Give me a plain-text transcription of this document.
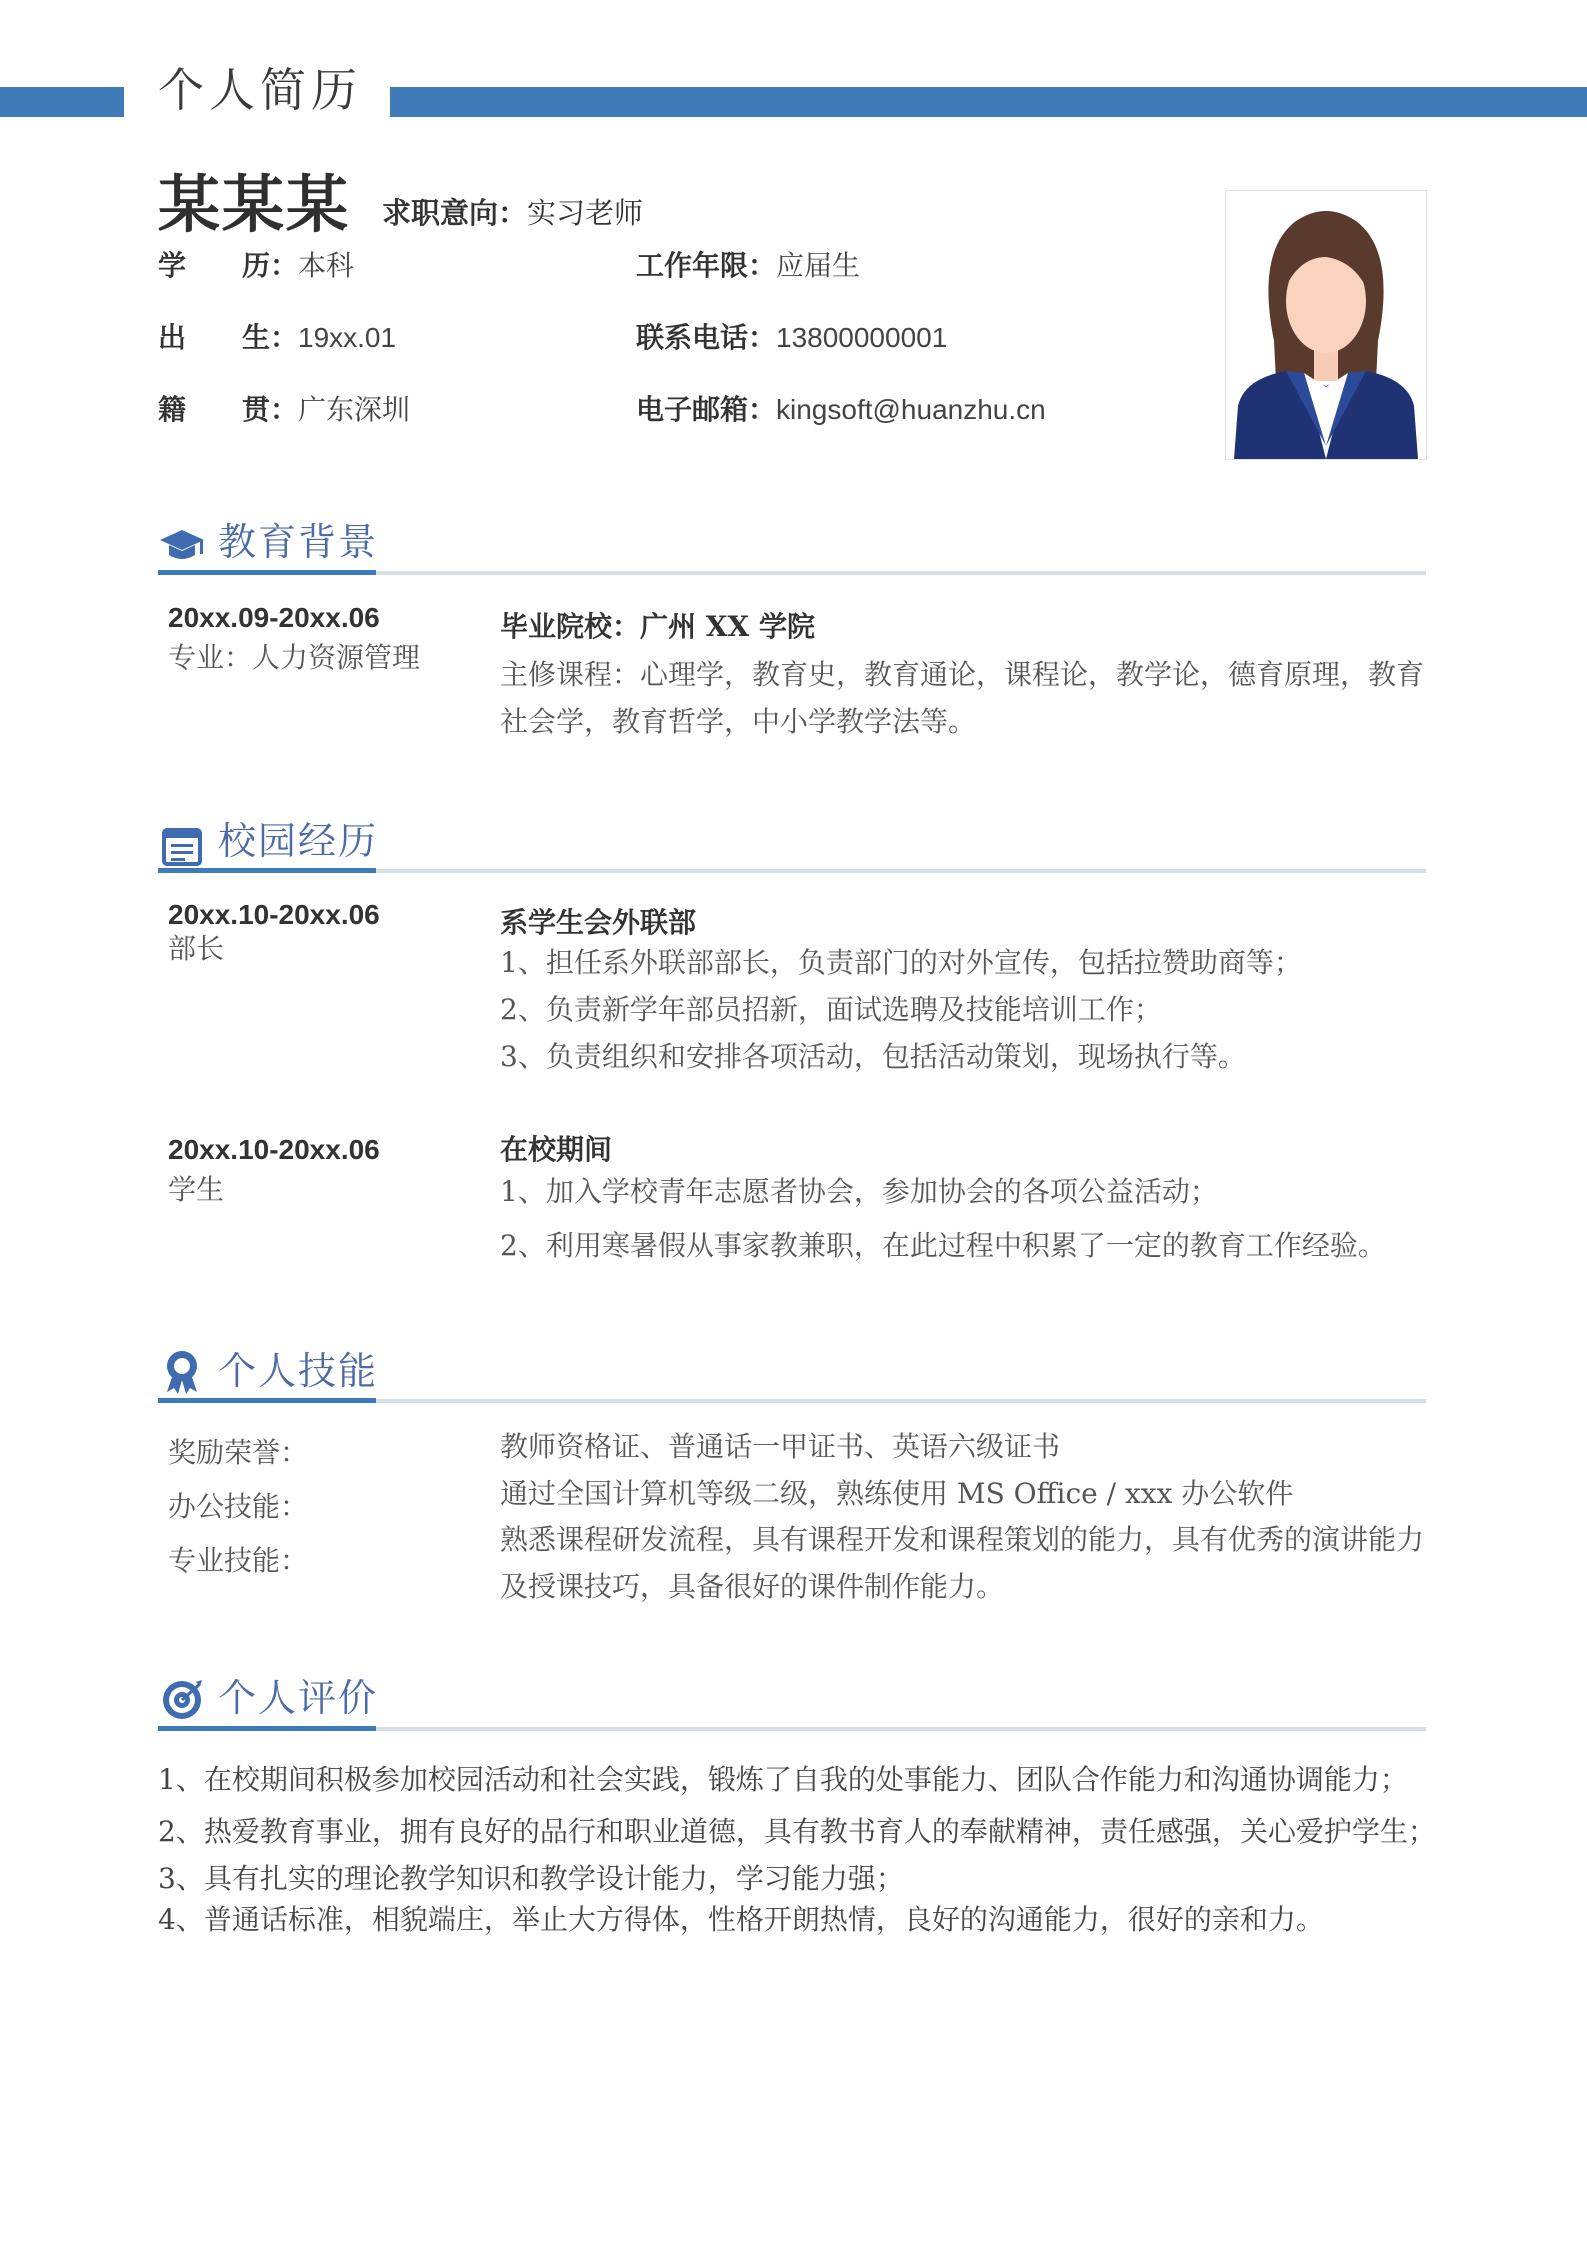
个人简历
某某某 求职意向：实习老师
学　　历： 本科
出　　生： 19xx.01
籍　　贯： 广东深圳
工作年限： 应届生
联系电话： 13800000001
电子邮箱： kingsoft@huanzhu.cn
教育背景
20xx.09-20xx.06
专业：人力资源管理
毕业院校：广州 XX 学院
主修课程：心理学，教育史，教育通论，课程论，教学论，德育原理，教育社会学，教育哲学，中小学教学法等。
校园经历
20xx.10-20xx.06
部长
系学生会外联部
1、担任系外联部部长，负责部门的对外宣传，包括拉赞助商等；
2、负责新学年部员招新，面试选聘及技能培训工作；
3、负责组织和安排各项活动，包括活动策划，现场执行等。
20xx.10-20xx.06
学生
在校期间
1、加入学校青年志愿者协会，参加协会的各项公益活动；
2、利用寒暑假从事家教兼职，在此过程中积累了一定的教育工作经验。
个人技能
奖励荣誉：
办公技能：
专业技能：
教师资格证、普通话一甲证书、英语六级证书
通过全国计算机等级二级，熟练使用 MS Office / xxx 办公软件
熟悉课程研发流程，具有课程开发和课程策划的能力，具有优秀的演讲能力及授课技巧，具备很好的课件制作能力。
个人评价
1、在校期间积极参加校园活动和社会实践，锻炼了自我的处事能力、团队合作能力和沟通协调能力；
2、热爱教育事业，拥有良好的品行和职业道德，具有教书育人的奉献精神，责任感强，关心爱护学生；
3、具有扎实的理论教学知识和教学设计能力，学习能力强；
4、普通话标准，相貌端庄，举止大方得体，性格开朗热情，良好的沟通能力，很好的亲和力。
